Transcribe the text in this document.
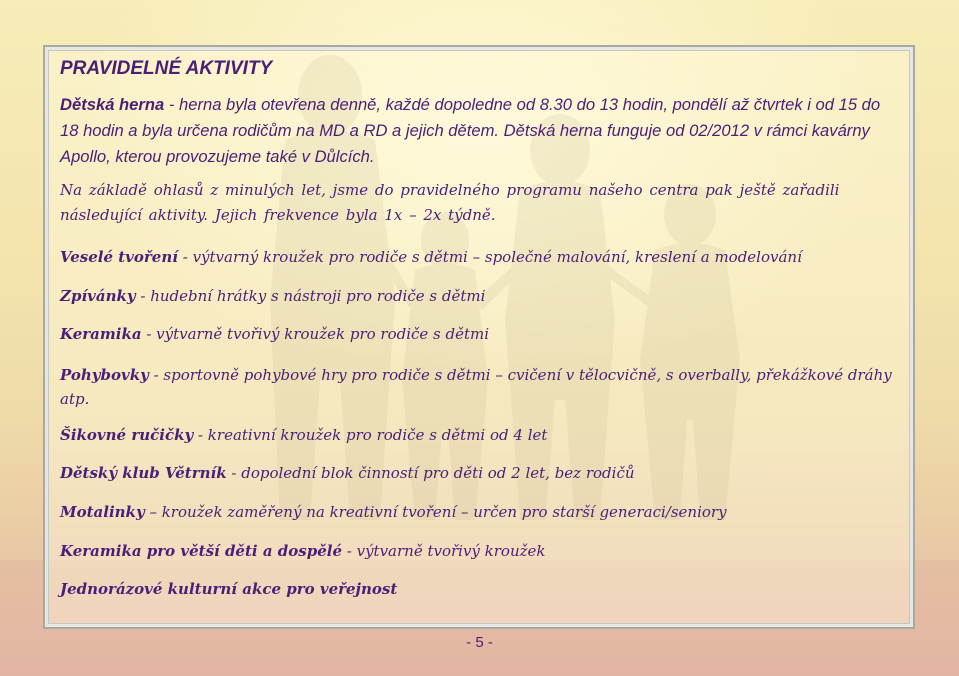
PRAVIDELNÉ AKTIVITY

Dětská herna - herna byla otevřena denně, každé dopoledne od 8.30 do 13 hodin, pondělí až čtvrtek i od 15 do 18 hodin a byla určena rodičům na MD a RD a jejich dětem. Dětská herna funguje od 02/2012 v rámci kavárny Apollo, kterou provozujeme také v Důlcích.

Na základě ohlasů z minulých let, jsme do pravidelného programu našeho centra pak ještě zařadili následující aktivity. Jejich frekvence byla 1x – 2x týdně.

Veselé tvoření - výtvarný kroužek pro rodiče s dětmi – společné malování, kreslení a modelování

Zpívánky - hudební hrátky s nástroji pro rodiče s dětmi

Keramika - výtvarně tvořivý kroužek pro rodiče s dětmi

Pohybovky - sportovně pohybové hry pro rodiče s dětmi – cvičení v tělocvičně, s overbally, překážkové dráhy atp.

Šikovné ručičky - kreativní kroužek pro rodiče s dětmi od 4 let

Dětský klub Větrník - dopolední blok činností pro děti od 2 let, bez rodičů

Motalinky – kroužek zaměřený na kreativní tvoření – určen pro starší generaci/seniory

Keramika pro větší děti a dospělé - výtvarně tvořivý kroužek

Jednorázové kulturní akce pro veřejnost

- 5 -
